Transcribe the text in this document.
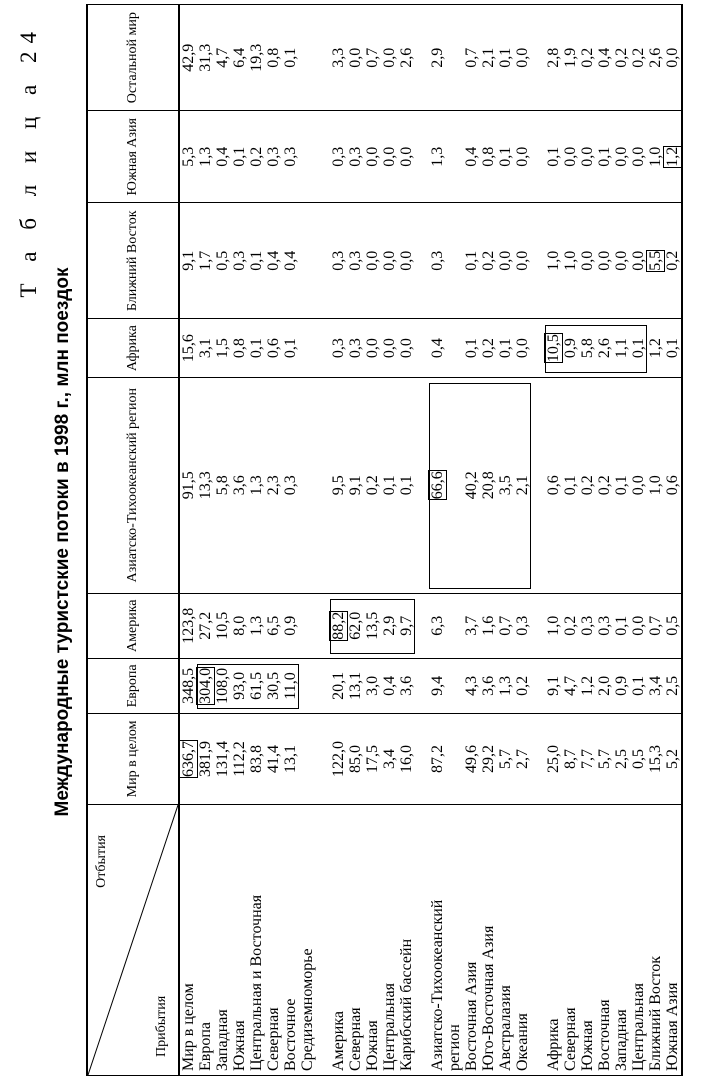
Т а б л и ц а 24
Международные туристские потоки в 1998 г., млн поездок
Отбытия
Прибытия	Мир в целом	Европа	Америка	Азиатско-Тихоокеанский регион	Африка	Ближний Восток	Южная Азия	Остальной мир
Мир в целом	636,7	348,5	123,8	91,5	15,6	9,1	5,3	42,9
Европа	381,9	304,0	27,2	13,3	3,1	1,7	1,3	31,3
Западная	131,4	108,0	10,5	5,8	1,5	0,5	0,4	4,7
Южная	112,2	93,0	8,0	3,6	0,8	0,3	0,1	6,4
Центральная и Восточная	83,8	61,5	1,3	1,3	0,1	0,1	0,2	19,3
Северная	41,4	30,5	6,5	2,3	0,6	0,4	0,3	0,8
Восточное	13,1	11,0	0,9	0,3	0,1	0,4	0,3	0,1
Средиземноморье								

Америка	122,0	20,1	88,2	9,5	0,3	0,3	0,3	3,3
Северная	85,0	13,1	62,0	9,1	0,3	0,3	0,3	0,0
Южная	17,5	3,0	13,5	0,2	0,0	0,0	0,0	0,7
Центральная	3,4	0,4	2,9	0,1	0,0	0,0	0,0	0,0
Карибский бассейн	16,0	3,6	9,7	0,1	0,0	0,0	0,0	2,6

Азиатско-Тихоокеанский	87,2	9,4	6,3	66,6	0,4	0,3	1,3	2,9
регион								
Восточная Азия	49,6	4,3	3,7	40,2	0,1	0,1	0,4	0,7
Юго-Восточная Азия	29,2	3,6	1,6	20,8	0,2	0,2	0,8	2,1
Австралазия	5,7	1,3	0,7	3,5	0,1	0,0	0,1	0,1
Океания	2,7	0,2	0,3	2,1	0,0	0,0	0,0	0,0

Африка	25,0	9,1	1,0	0,6	10,5	1,0	0,1	2,8
Северная	8,7	4,7	0,2	0,1	0,9	1,0	0,0	1,9
Южная	7,7	1,2	0,3	0,2	5,8	0,0	0,0	0,2
Восточная	5,7	2,0	0,3	0,2	2,6	0,0	0,1	0,4
Западная	2,5	0,9	0,1	0,1	1,1	0,0	0,0	0,2
Центральная	0,5	0,1	0,0	0,0	0,1	0,0	0,0	0,2
Ближний Восток	15,3	3,4	0,7	1,0	1,2	5,5	1,0	2,6
Южная Азия	5,2	2,5	0,5	0,6	0,1	0,2	1,2	0,0
